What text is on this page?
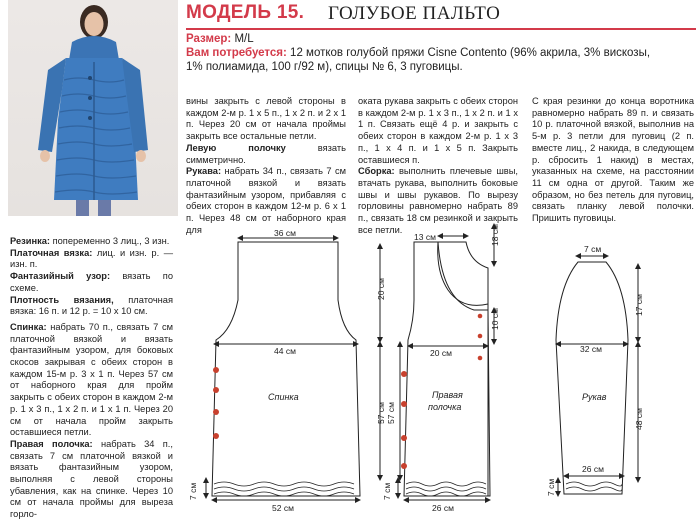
МОДЕЛЬ 15. ГОЛУБОЕ ПАЛЬТО
Размер: M/L
Вам потребуется: 12 мотков голубой пряжи Cisne Contento (96% акрила, 3% вискозы,
1% полиамида, 100 г/92 м), спицы № 6, 3 пуговицы.

вины закрыть с левой стороны в каждом 2-м р. 1 х 5 п., 1 х 2 п. и 2 х 1 п. Через 20 см от начала проймы закрыть все остальные петли.

Левую полочку вязать симметрично.

Рукава: набрать 34 п., связать 7 см платочной вязкой и вязать фантазийным узором, прибавляя с обеих сторон в каждом 12-м р. 6 х 1 п. Через 48 см от наборного края для

оката рукава закрыть с обеих сторон в каждом 2-м р. 1 х 3 п., 1 х 2 п. и 1 х 1 п. Связать ещё 4 р. и закрыть с обеих сторон в каждом 2-м р. 1 х 3 п., 1 х 4 п. и 1 х 5 п. Закрыть оставшиеся п.

Сборка: выполнить плечевые швы, втачать рукава, выполнить боковые швы и швы рукавов. По вырезу горловины равномерно набрать 89 п., связать 18 см резинкой и закрыть все петли.

С края резинки до конца воротника равномерно набрать 89 п. и связать 10 р. платочной вязкой, выполнив на 5-м р. 3 петли для пуговиц (2 п. вместе лиц., 2 накида, в следующем р. сбросить 1 накид) в местах, указанных на схеме, на расстоянии 11 см одна от другой. Таким же образом, но без петель для пуговиц, связать планку левой полочки. Пришить пуговицы.

Резинка: попеременно 3 лиц., 3 изн.

Платочная вязка: лиц. и изн. р. — изн. п.

Фантазийный узор: вязать по схеме.

Плотность вязания, платочная вязка: 16 п. и 12 р. = 10 х 10 см.

Спинка: набрать 70 п., связать 7 см платочной вязкой и вязать фантазийным узором, для боковых скосов закрывая с обеих сторон в каждом 15-м р. 3 х 1 п. Через 57 см от наборного края для пройм закрыть с обеих сторон в каждом 2-м р. 1 х 3 п., 1 х 2 п. и 1 х 1 п. Через 20 см от начала пройм закрыть оставшиеся петли.

Правая полочка: набрать 34 п., связать 7 см платочной вязкой и вязать фантазийным узором, выполняя с левой стороны убавления, как на спинке. Через 10 см от начала проймы для выреза горло-

36 см
44 см
52 см
20 см
57 см
7 см
Спинка
13 см	18 см
10 см
20 см
26 см
57 см
7 см
Правая
полочка
7 см
17 см
32 см
48 см
26 см
7 см
Рукав
